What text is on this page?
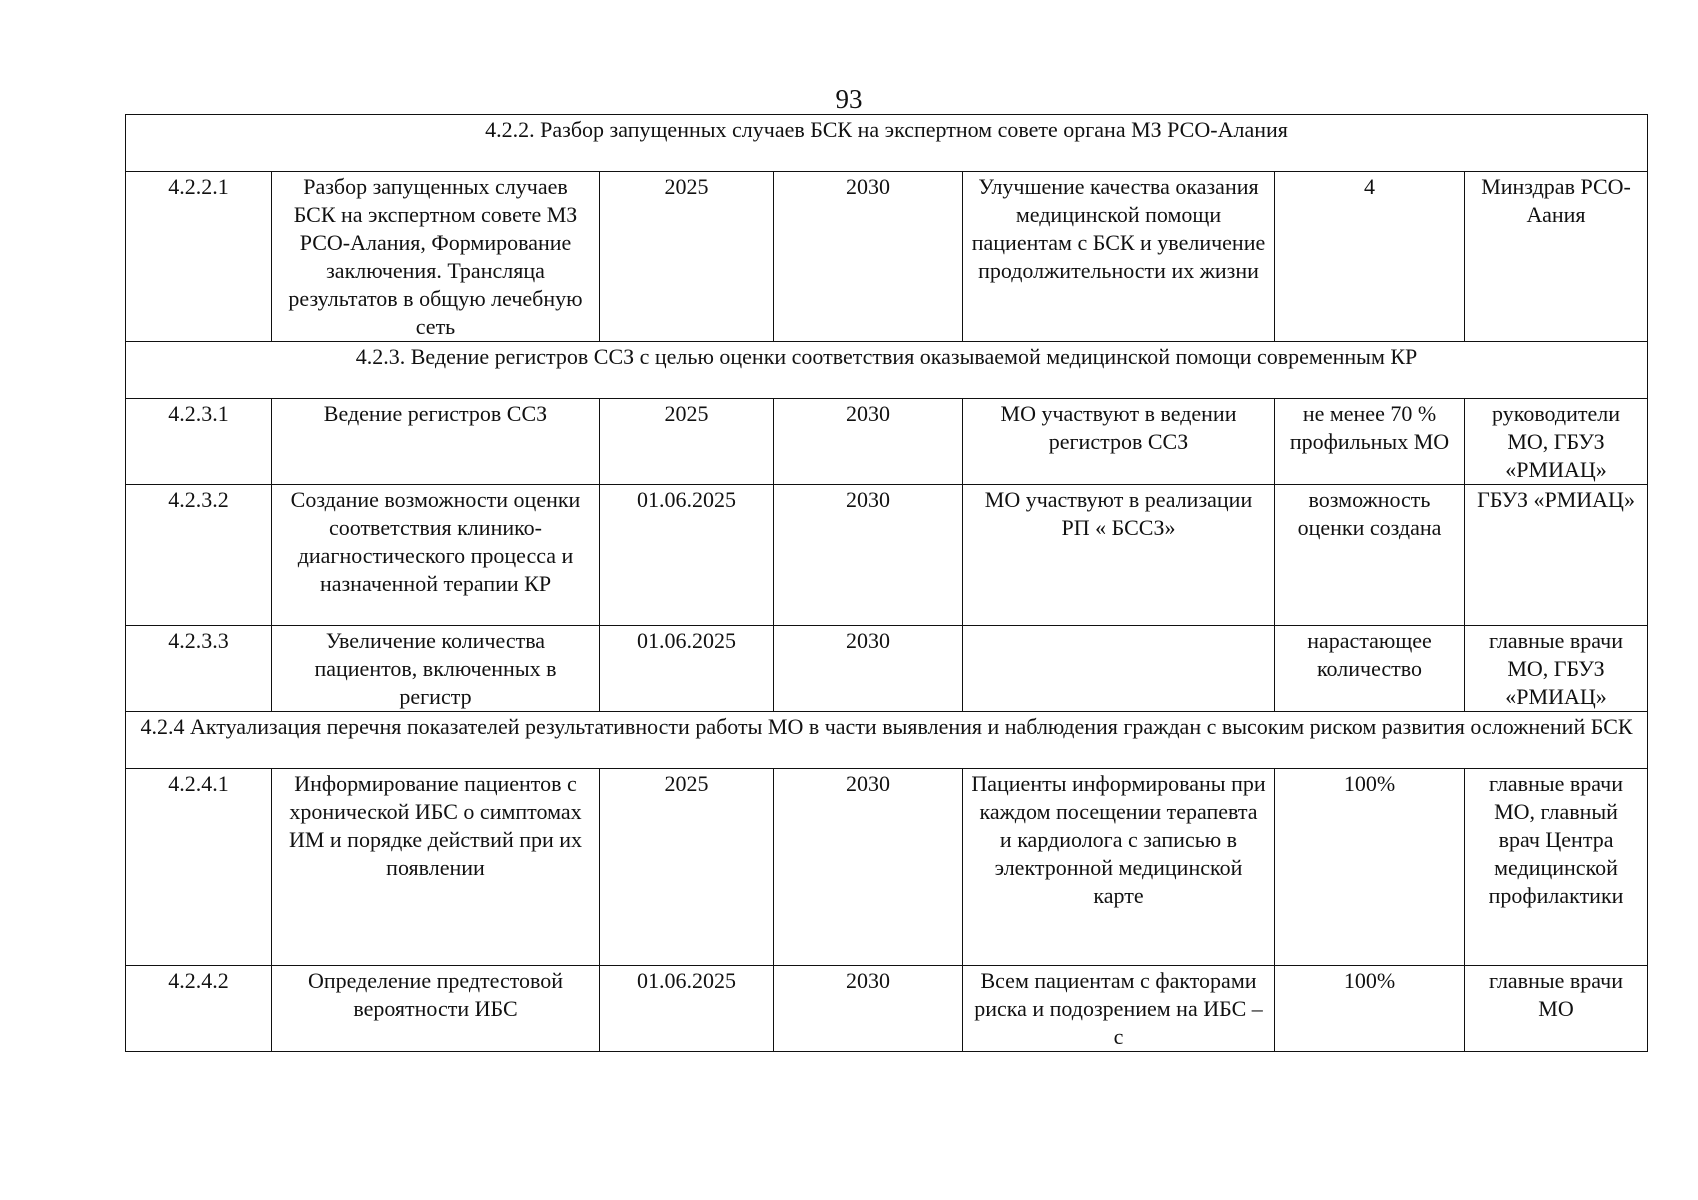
93
4.2.2. Разбор запущенных случаев БСК на экспертном совете органа МЗ РСО-Алания						
4.2.2.1	Разбор запущенных случаев БСК на экспертном совете МЗ РСО-Алания, Формирование заключения. Трансляца результатов в общую лечебную сеть	2025	2030	Улучшение качества оказания медицинской помощи пациентам с БСК и увеличение продолжительности их жизни	4	Минздрав РСО-Аания
4.2.3. Ведение регистров ССЗ с целью оценки соответствия оказываемой медицинской помощи современным КР						
4.2.3.1	Ведение регистров ССЗ	2025	2030	МО участвуют в ведении регистров ССЗ	не менее 70 % профильных МО	руководители МО, ГБУЗ «РМИАЦ»
4.2.3.2	Создание возможности оценки соответствия клинико-диагностического процесса и назначенной терапии КР	01.06.2025	2030	МО участвуют в реализации РП « БССЗ»	возможность оценки создана	ГБУЗ «РМИАЦ»
4.2.3.3	Увеличение количества пациентов, включенных в регистр	01.06.2025	2030		нарастающее количество	главные врачи МО, ГБУЗ «РМИАЦ»
4.2.4 Актуализация перечня показателей результативности работы МО в части выявления и наблюдения граждан с высоким риском развития осложнений БСК						
4.2.4.1	Информирование пациентов с хронической ИБС о симптомах ИМ и порядке действий при их появлении	2025	2030	Пациенты информированы при каждом посещении терапевта и кардиолога с записью в электронной медицинской карте	100%	главные врачи МО, главный врач Центра медицинской профилактики
4.2.4.2	Определение предтестовой вероятности ИБС	01.06.2025	2030	Всем пациентам с факторами риска и подозрением на ИБС – с	100%	главные врачи МО
